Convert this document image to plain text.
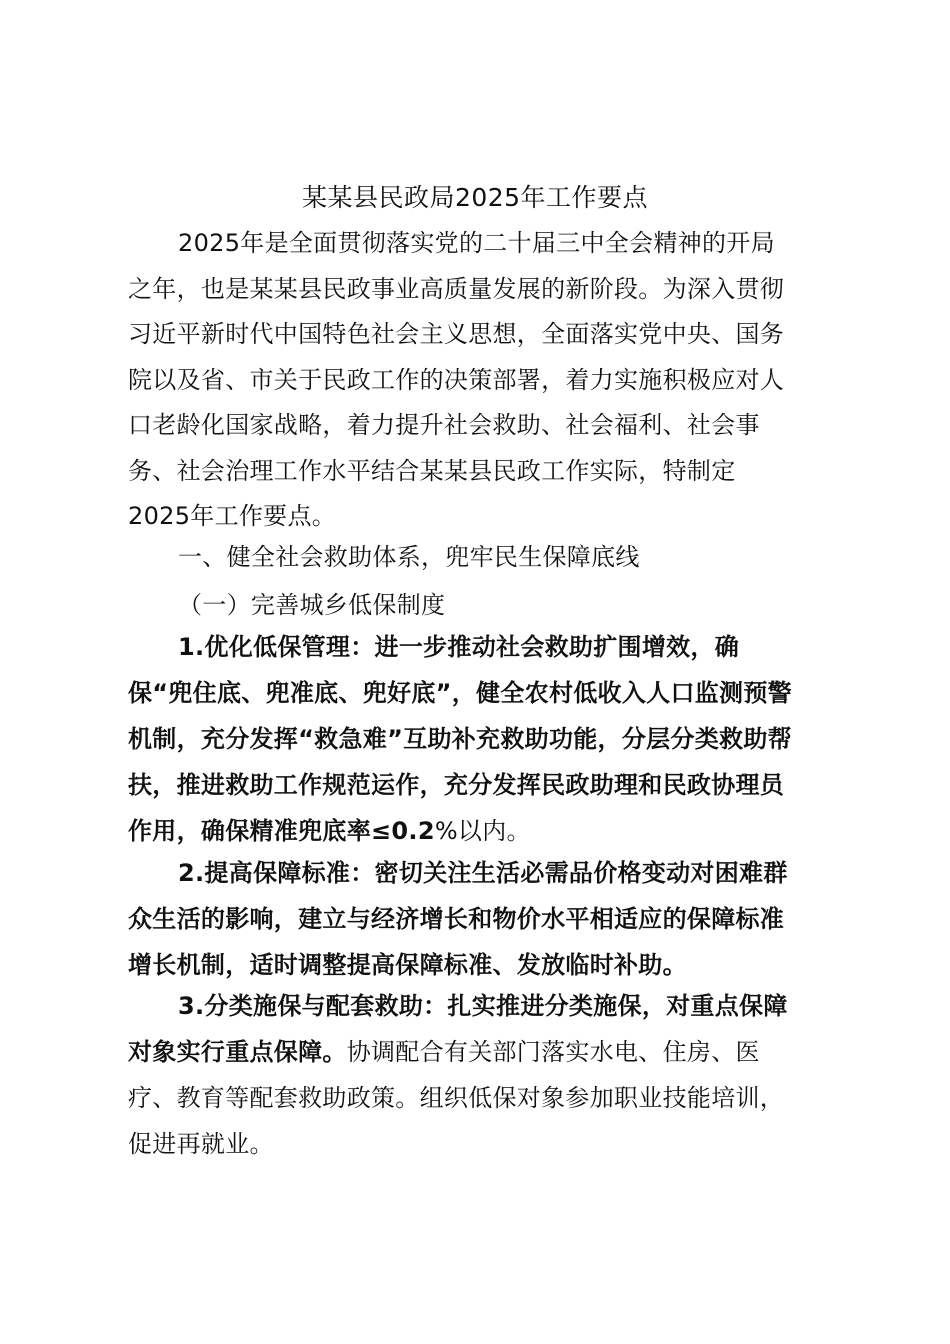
某某县民政局2025年工作要点

2025年是全面贯彻落实党的二十届三中全会精神的开局

之年，也是某某县民政事业高质量发展的新阶段。为深入贯彻

习近平新时代中国特色社会主义思想，全面落实党中央、国务

院以及省、市关于民政工作的决策部署，着力实施积极应对人

口老龄化国家战略，着力提升社会救助、社会福利、社会事

务、社会治理工作水平结合某某县民政工作实际，特制定

2025年工作要点。

一、健全社会救助体系，兜牢民生保障底线

（一）完善城乡低保制度

1.优化低保管理：进一步推动社会救助扩围增效，确

保“兜住底、兜准底、兜好底”，健全农村低收入人口监测预警

机制，充分发挥“救急难”互助补充救助功能，分层分类救助帮

扶，推进救助工作规范运作，充分发挥民政助理和民政协理员

作用，确保精准兜底率≤0.2%以内。

2.提高保障标准：密切关注生活必需品价格变动对困难群

众生活的影响，建立与经济增长和物价水平相适应的保障标准

增长机制，适时调整提高保障标准、发放临时补助。

3.分类施保与配套救助：扎实推进分类施保，对重点保障

对象实行重点保障。协调配合有关部门落实水电、住房、医

疗、教育等配套救助政策。组织低保对象参加职业技能培训，

促进再就业。
